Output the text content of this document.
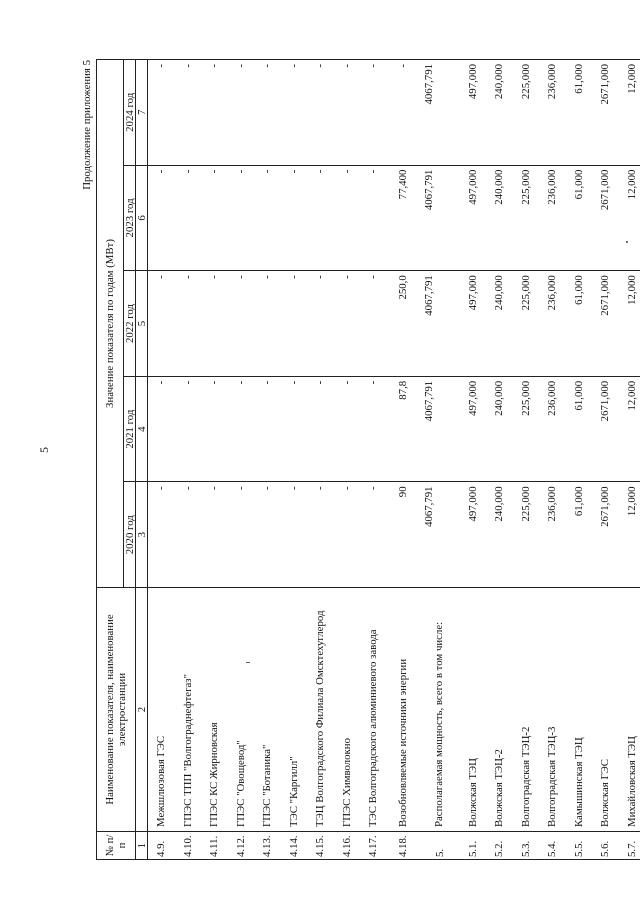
5
Продолжение приложения 5
№ п/п	Наименование показателя, наименование электростанции	Значение показателя по годам (МВт)				
		2020 год	2021 год	2022 год	2023 год	2024 год
1	2	3	4	5	6	7
4.9.	Межшлюзовая ГЭС	-	-	-	-	-
4.10.	ГПЭС ТПП "Волгограднефтегаз"	-	-	-	-	-
4.11.	ГПЭС КС Жирновская	-	-	-	-	-
4.12.	ГПЭС "Овощевод"	-	-	-	-	-
4.13.	ГПЭС "Ботаника"	-	-	-	-	-
4.14.	ТЭС "Каргилл"	-	-	-	-	-
4.15.	ТЭЦ Волгоградского Филиала Омсктехуглерод	-	-	-	-	-
4.16.	ГПЭС Химволокно	-	-	-	-	-
4.17.	ТЭС Волгоградского алюминиевого завода	-	-	-	-	-
4.18.	Возобновляемые источники энергии	90	87,8	250,0	77,400	-
5.	Располагаемая мощность, всего в том числе:	4067,791	4067,791	4067,791	4067,791	4067,791
5.1.	Волжская ТЭЦ	497,000	497,000	497,000	497,000	497,000
5.2.	Волжская ТЭЦ-2	240,000	240,000	240,000	240,000	240,000
5.3.	Волгоградская ТЭЦ-2	225,000	225,000	225,000	225,000	225,000
5.4.	Волгоградская ТЭЦ-3	236,000	236,000	236,000	236,000	236,000
5.5.	Камышинская ТЭЦ	61,000	61,000	61,000	61,000	61,000
5.6.	Волжская ГЭС	2671,000	2671,000	2671,000	2671,000	2671,000
5.7.	Михайловская ТЭЦ	12,000	12,000	12,000	12,000	12,000
